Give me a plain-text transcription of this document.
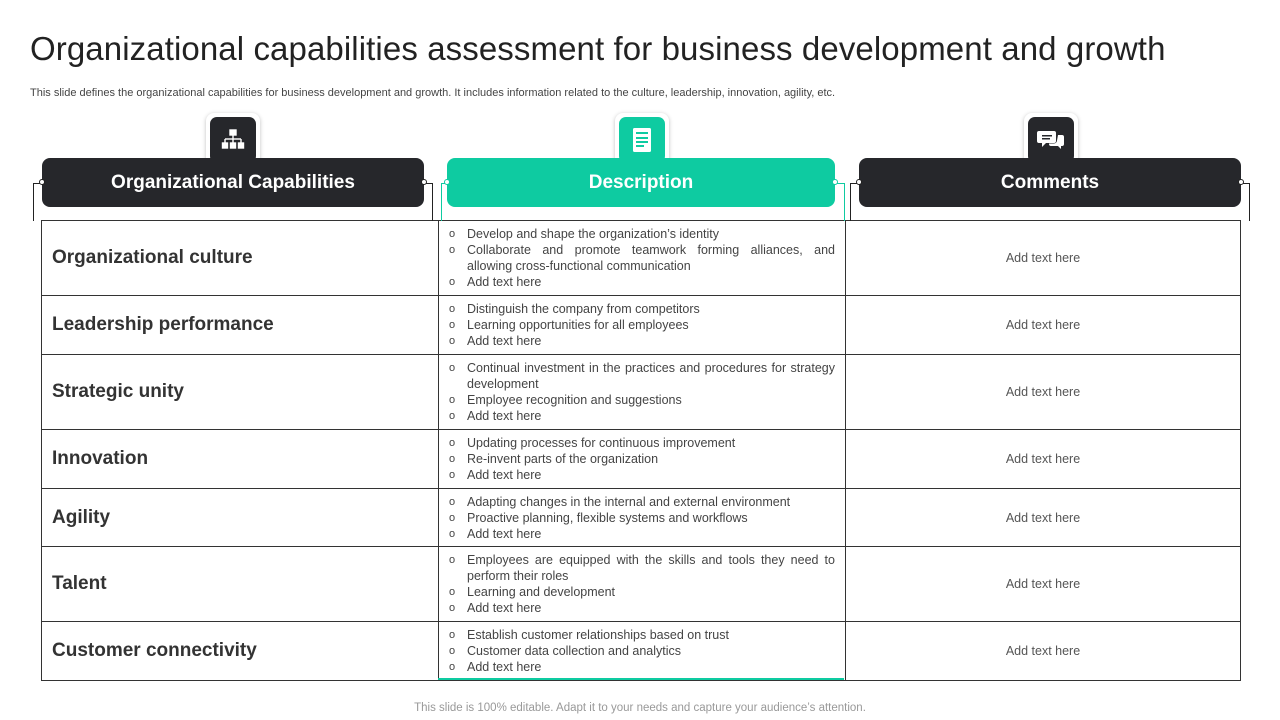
Organizational capabilities assessment for business development and growth
This slide defines the organizational capabilities for business development and growth. It includes information related to the culture, leadership, innovation, agility, etc.
Organizational Capabilities	Description	Comments
Organizational culture
o Develop and shape the organization’s identity
o Collaborate and promote teamwork forming alliances, and allowing cross-functional communication
o Add text here
Add text here
Leadership performance
o Distinguish the company from competitors
o Learning opportunities for all employees
o Add text here
Add text here
Strategic unity
o Continual investment in the practices and procedures for strategy development
o Employee recognition and suggestions
o Add text here
Add text here
Innovation
o Updating processes for continuous improvement
o Re-invent parts of the organization
o Add text here
Add text here
Agility
o Adapting changes in the internal and external environment
o Proactive planning, flexible systems and workflows
o Add text here
Add text here
Talent
o Employees are equipped with the skills and tools they need to perform their roles
o Learning and development
o Add text here
Add text here
Customer connectivity
o Establish customer relationships based on trust
o Customer data collection and analytics
o Add text here
Add text here
This slide is 100% editable. Adapt it to your needs and capture your audience’s attention.
